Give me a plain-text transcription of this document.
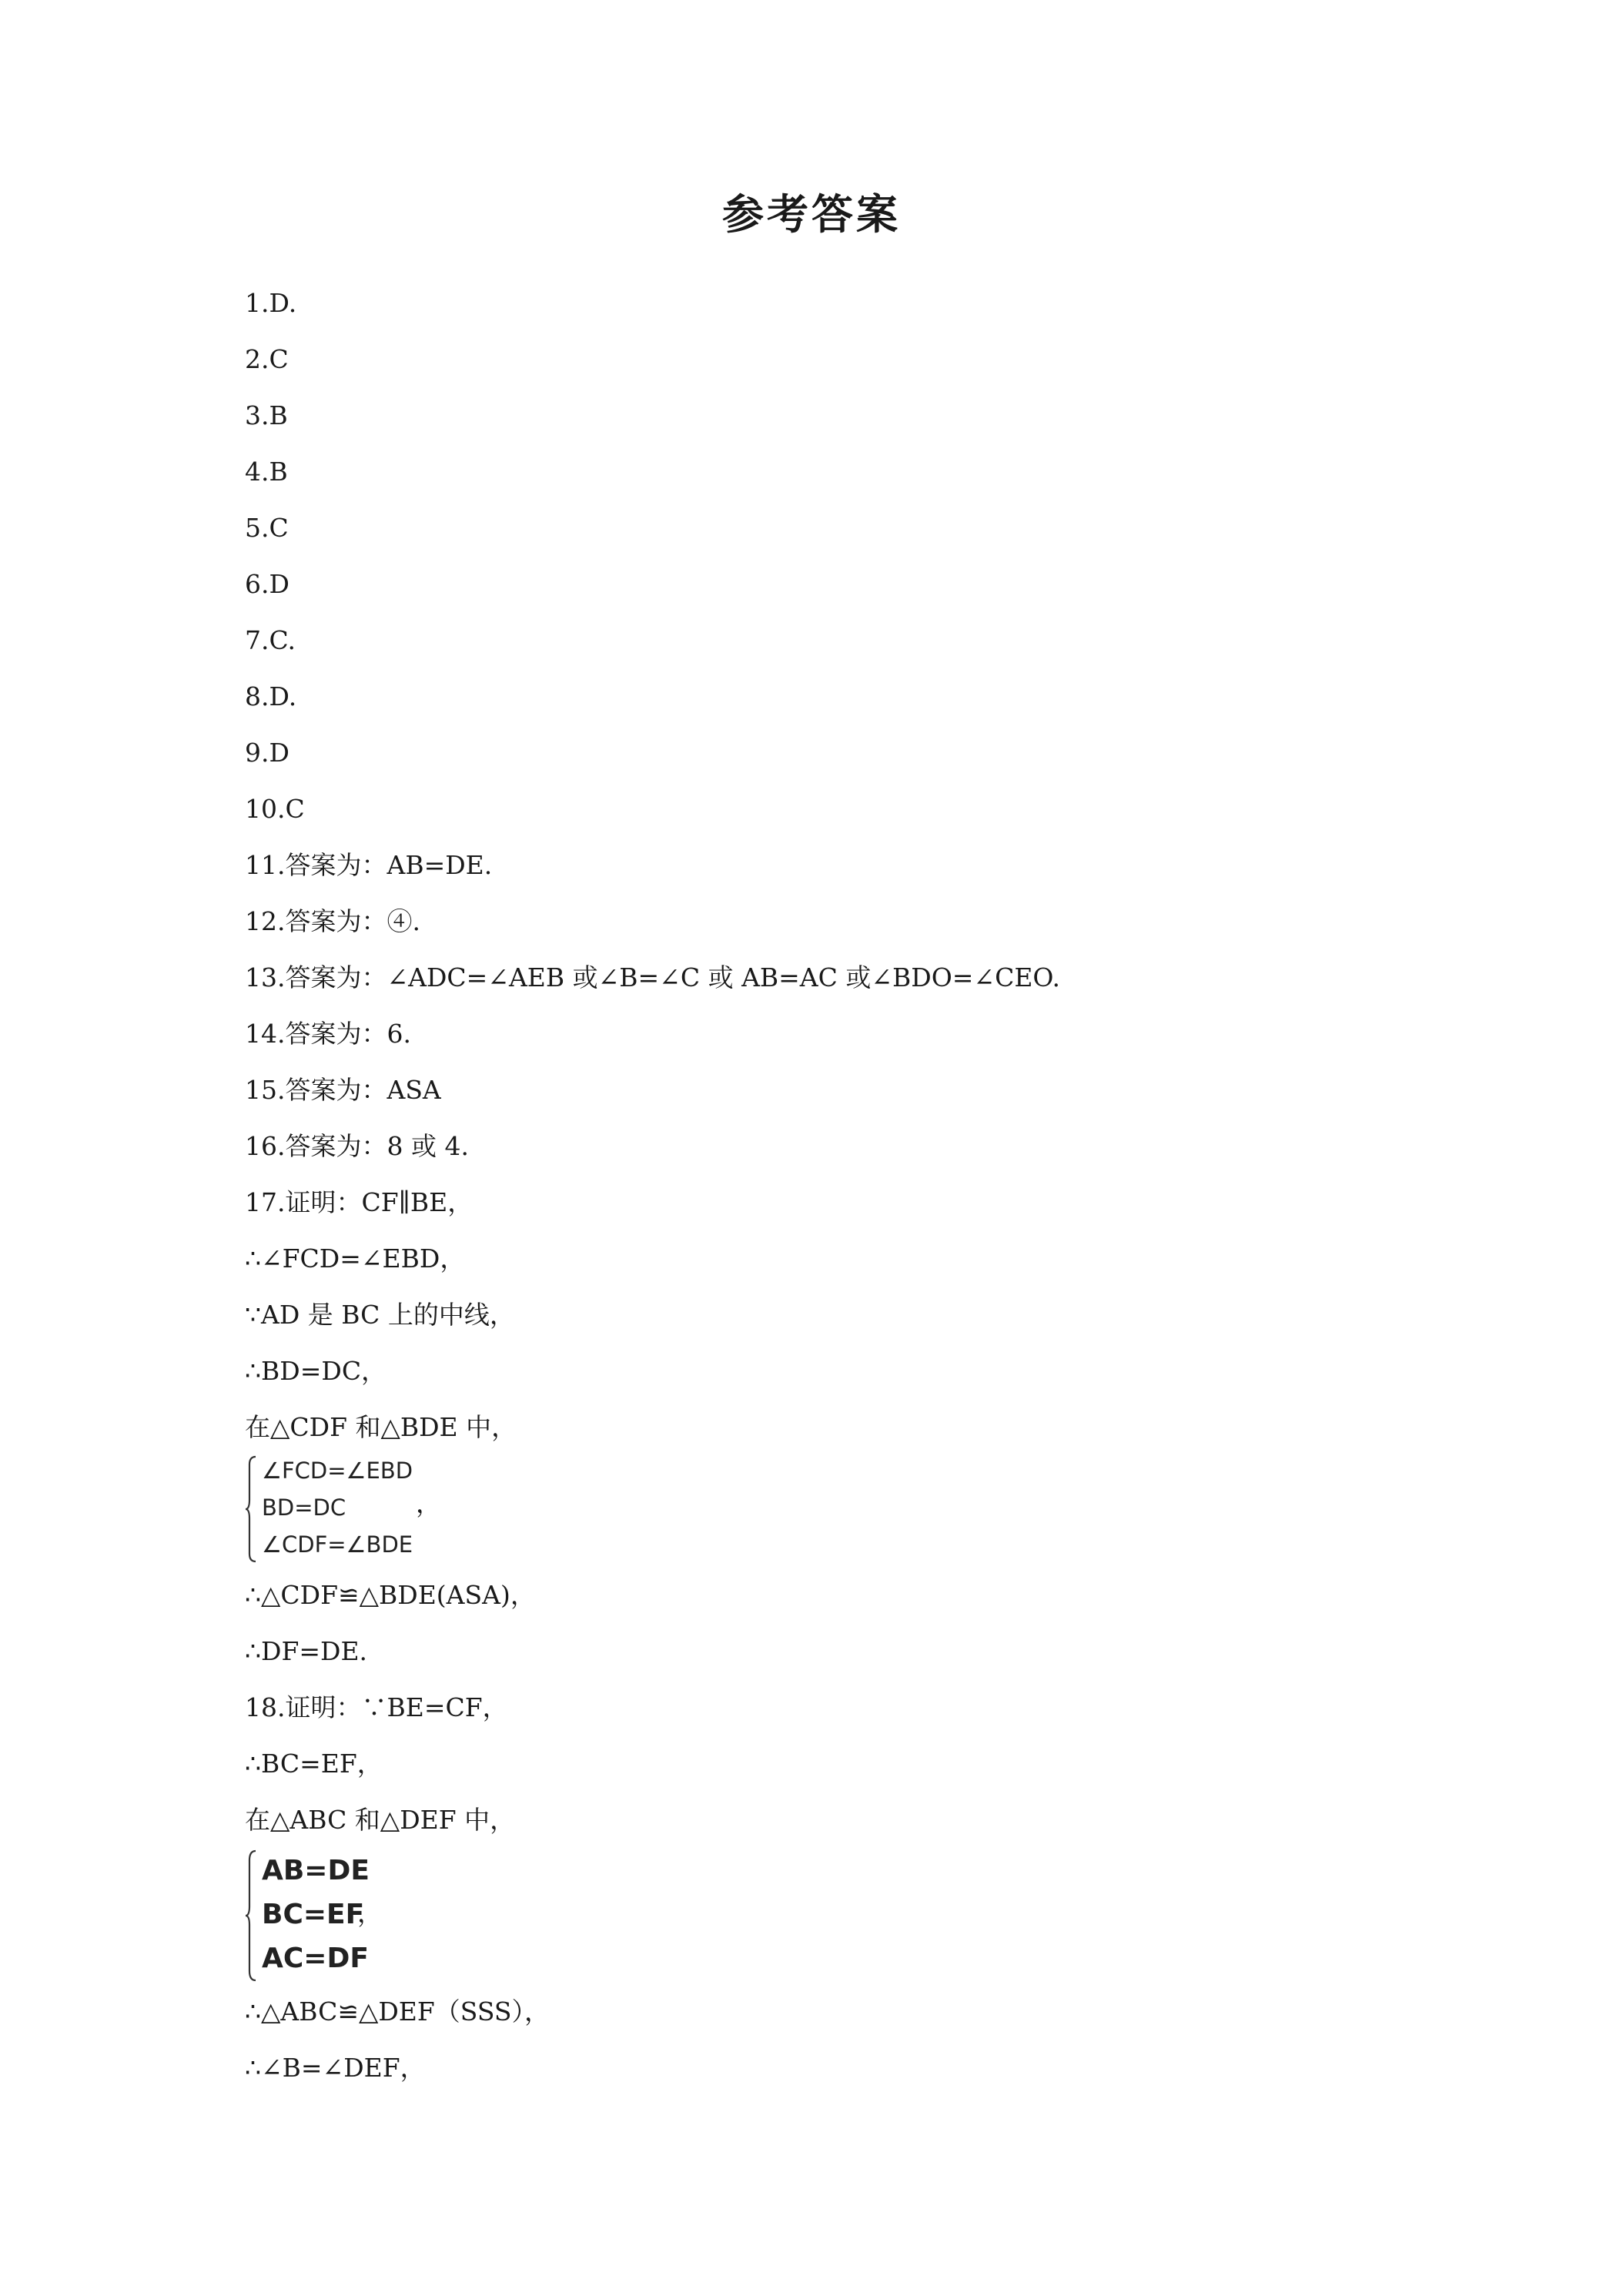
参考答案
1.D.
2.C
3.B
4.B
5.C
6.D
7.C.
8.D.
9.D
10.C
11.答案为：AB=DE.
12.答案为：④.
13.答案为：∠ADC=∠AEB 或∠B=∠C 或 AB=AC 或∠BDO=∠CEO.
14.答案为：6.
15.答案为：ASA
16.答案为：8 或 4.
17.证明：CF∥BE，
∴∠FCD=∠EBD，
∵AD 是 BC 上的中线，
∴BD=DC，
在△CDF 和△BDE 中，
∠FCD=∠EBD
BD=DC
∠CDF=∠BDE
，
∴△CDF≌△BDE(ASA)，
∴DF=DE.
18.证明：∵BE=CF，
∴BC=EF，
在△ABC 和△DEF 中，
AB=DE
BC=EF
AC=DF
，
∴△ABC≌△DEF（SSS），
∴∠B=∠DEF，
